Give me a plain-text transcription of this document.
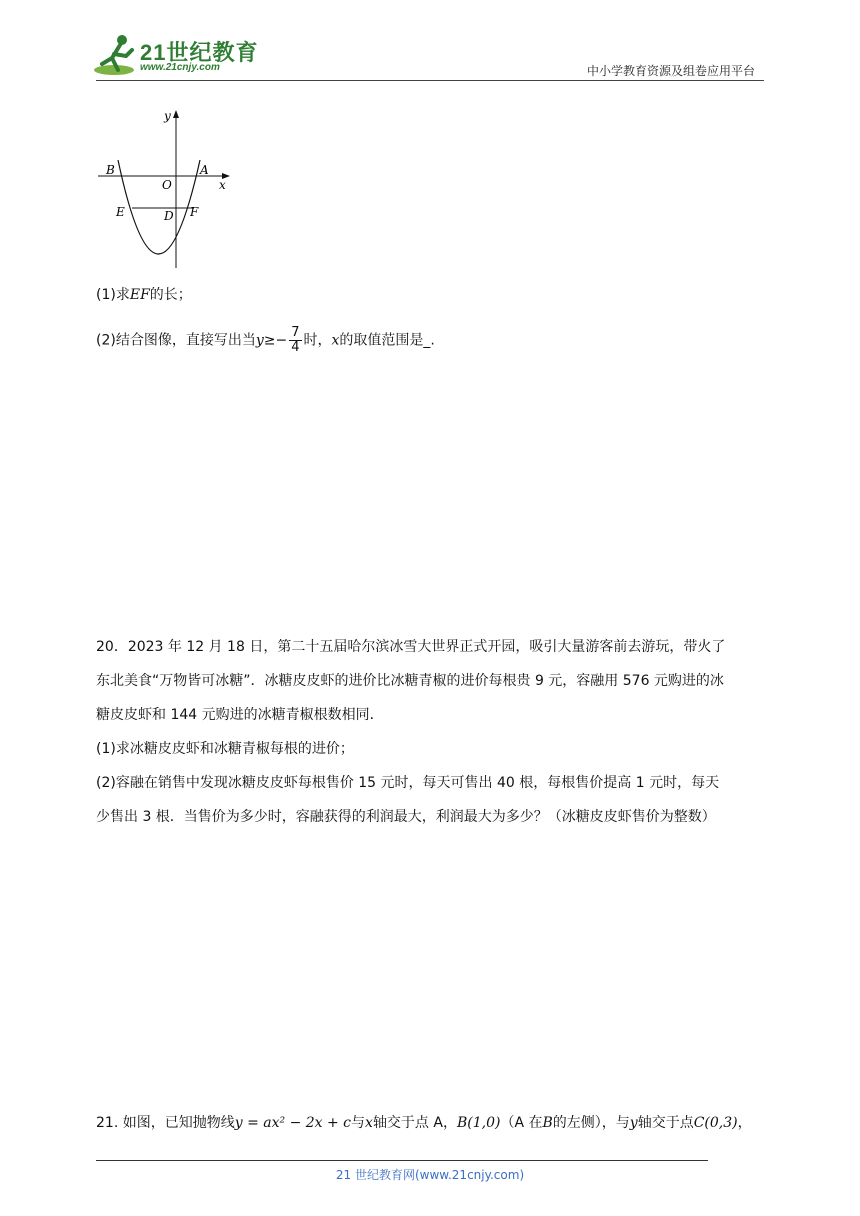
21世纪教育
www.21cnjy.com	中小学教育资源及组卷应用平台
y
x
O
A
B
D
E	F
(1)求EF的长；
(2)结合图像，直接写出当$y\ge- \frac{7}{4}$ 时，x的取值范围是_.
20．2023 年 12 月 18 日，第二十五届哈尔滨冰雪大世界正式开园，吸引大量游客前去游玩，带火了
东北美食“万物皆可冰糖”．冰糖皮皮虾的进价比冰糖青椒的进价每根贵 9 元，容融用 576 元购进的冰
糖皮皮虾和 144 元购进的冰糖青椒根数相同．
(1)求冰糖皮皮虾和冰糖青椒每根的进价；
(2)容融在销售中发现冰糖皮皮虾每根售价 15 元时，每天可售出 40 根，每根售价提高 1 元时，每天
少售出 3 根．当售价为多少时，容融获得的利润最大，利润最大为多少？（冰糖皮皮虾售价为整数）
21. 如图，已知抛物线y = ax² − 2x + c与x轴交于点 A，B(1,0)（A 在B的左侧），与y轴交于点C(0,3)，
21 世纪教育网(www.21cnjy.com)
